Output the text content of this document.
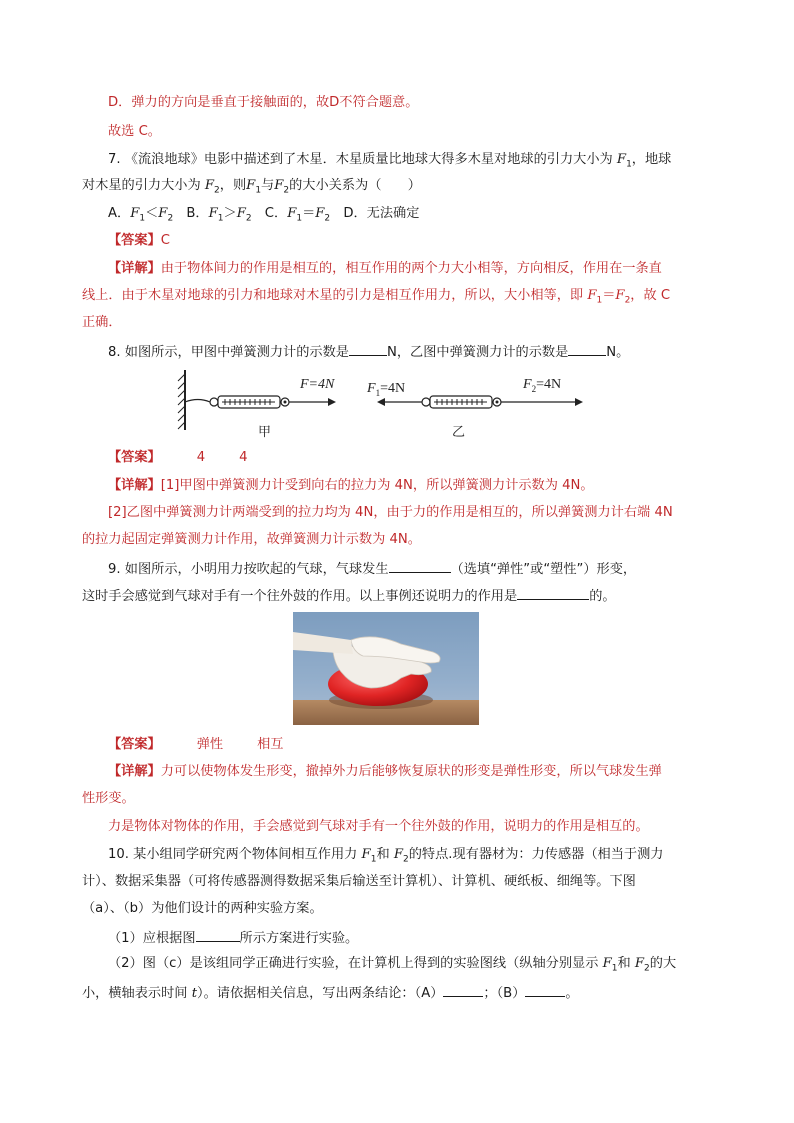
D．弹力的方向是垂直于接触面的，故D不符合题意。
故选 C。
7. 《流浪地球》电影中描述到了木星．木星质量比地球大得多木星对地球的引力大小为 $F_1$，地球
对木星的引力大小为 $F_2$，则$F_1$与$F_2$的大小关系为（　　）
A．$F_1<F_2$　B．$F_1>F_2$　C．$F_1=F_2$　D．无法确定
【答案】C
【详解】由于物体间力的作用是相互的，相互作用的两个力大小相等，方向相反，作用在一条直
线上．由于木星对地球的引力和地球对木星的引力是相互作用力，所以，大小相等，即 $F_1=F_2$，故 C
正确．
8. 如图所示，甲图中弹簧测力计的示数是	N，乙图中弹簧测力计的示数是	N。
F=4N
甲
$F_1=4N$	$F_2=4N$
乙
【答案】	4	4
【详解】[1]甲图中弹簧测力计受到向右的拉力为 4N，所以弹簧测力计示数为 4N。
[2]乙图中弹簧测力计两端受到的拉力均为 4N，由于力的作用是相互的，所以弹簧测力计右端 4N
的拉力起固定弹簧测力计作用，故弹簧测力计示数为 4N。
9. 如图所示，小明用力按吹起的气球，气球发生	（选填“弹性”或“塑性”）形变，
这时手会感觉到气球对手有一个往外鼓的作用。以上事例还说明力的作用是	的。
【答案】	弹性	相互
【详解】力可以使物体发生形变，撤掉外力后能够恢复原状的形变是弹性形变，所以气球发生弹
性形变。
力是物体对物体的作用，手会感觉到气球对手有一个往外鼓的作用，说明力的作用是相互的。
10. 某小组同学研究两个物体间相互作用力 $F_1$和 $F_2$的特点.现有器材为：力传感器（相当于测力
计）、数据采集器（可将传感器测得数据采集后输送至计算机）、计算机、硬纸板、细绳等。下图
（a）、（b）为他们设计的两种实验方案。
（1）应根据图	所示方案进行实验。
（2）图（c）是该组同学正确进行实验，在计算机上得到的实验图线（纵轴分别显示 $F_1$和 $F_2$的大
小，横轴表示时间 t）。请依据相关信息，写出两条结论：（A）	；（B）	。
